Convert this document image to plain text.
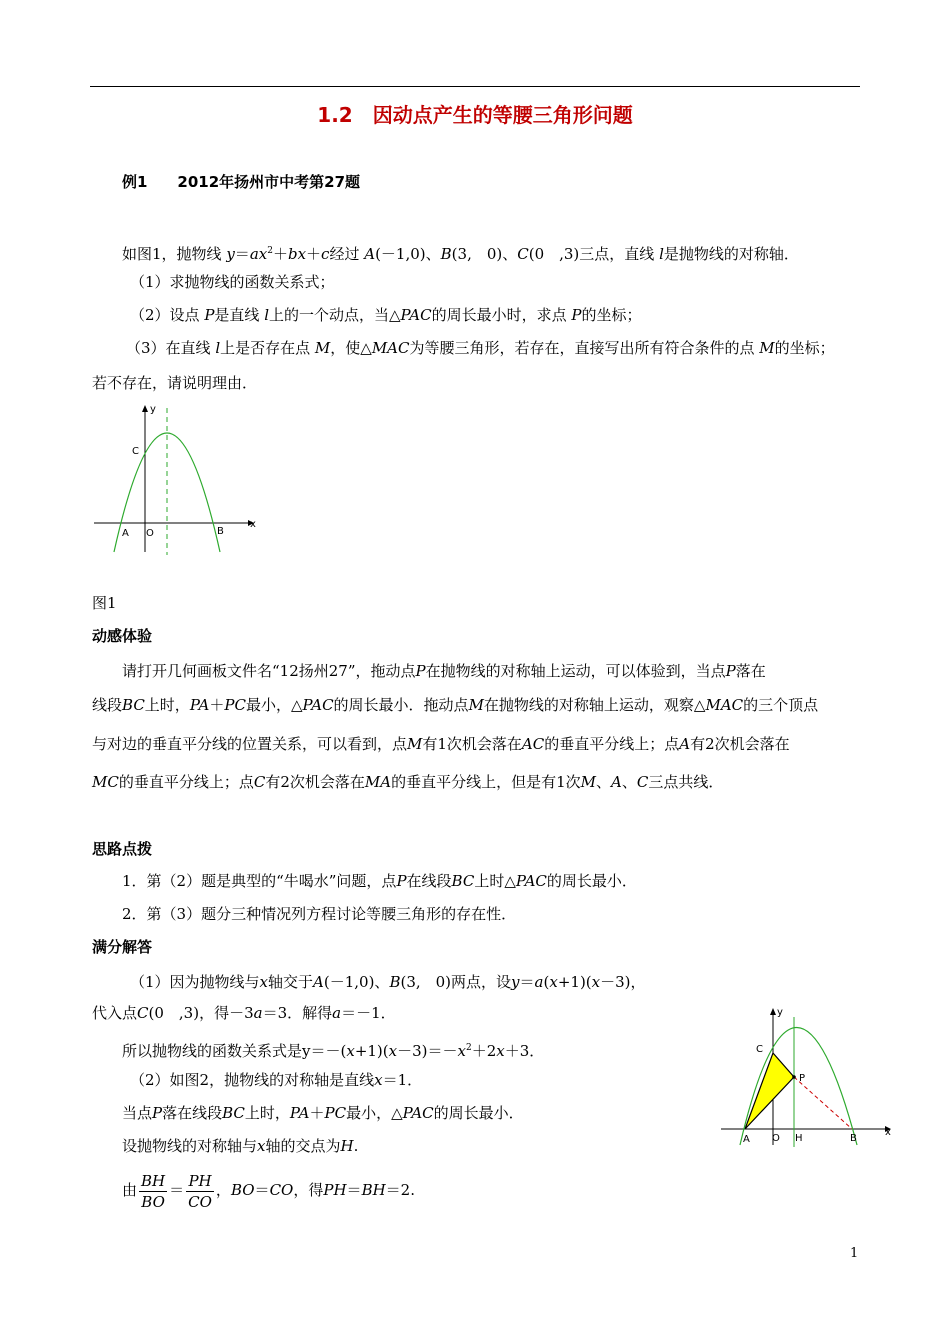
1.2　因动点产生的等腰三角形问题
例1　　2012年扬州市中考第27题
如图1，抛物线 $y=ax^2+bx+c$经过 A(－1,0)、B(3,　0)、C(0　,3)三点，直线 l是抛物线的对称轴．
（1）求抛物线的函数关系式；
（2）设点 P是直线 l上的一个动点，当△PAC的周长最小时，求点 P的坐标；
（3）在直线 l上是否存在点 M，使△MAC为等腰三角形，若存在，直接写出所有符合条件的点 M的坐标；
若不存在，请说明理由．
y
x
C
A O	B
图1
动感体验
请打开几何画板文件名“12扬州27”，拖动点P在抛物线的对称轴上运动，可以体验到，当点P落在
线段BC上时，PA＋PC最小，△PAC的周长最小．拖动点M在抛物线的对称轴上运动，观察△MAC的三个顶点
与对边的垂直平分线的位置关系，可以看到，点M有1次机会落在AC的垂直平分线上；点A有2次机会落在
MC的垂直平分线上；点C有2次机会落在MA的垂直平分线上，但是有1次M、A、C三点共线．
思路点拨
1．第（2）题是典型的“牛喝水”问题，点P在线段BC上时△PAC的周长最小．
2．第（3）题分三种情况列方程讨论等腰三角形的存在性．
满分解答
（1）因为抛物线与x轴交于A(－1,0)、B(3,　0)两点，设y＝a(x+1)(x－3)，
代入点C(0　,3)，得－3a＝3．解得a＝－1．
所以抛物线的函数关系式是$y=-(x+1)(x-3)=-x^2+2x+3$．
（2）如图2，抛物线的对称轴是直线x＝1．
当点P落在线段BC上时，PA＋PC最小，△PAC的周长最小．
设抛物线的对称轴与x轴的交点为H.
由 $\frac{BH}{BO} = \frac{PH}{CO}$ ，BO＝CO，得PH＝BH＝2.
y
x
C
P
A O H	B
1
